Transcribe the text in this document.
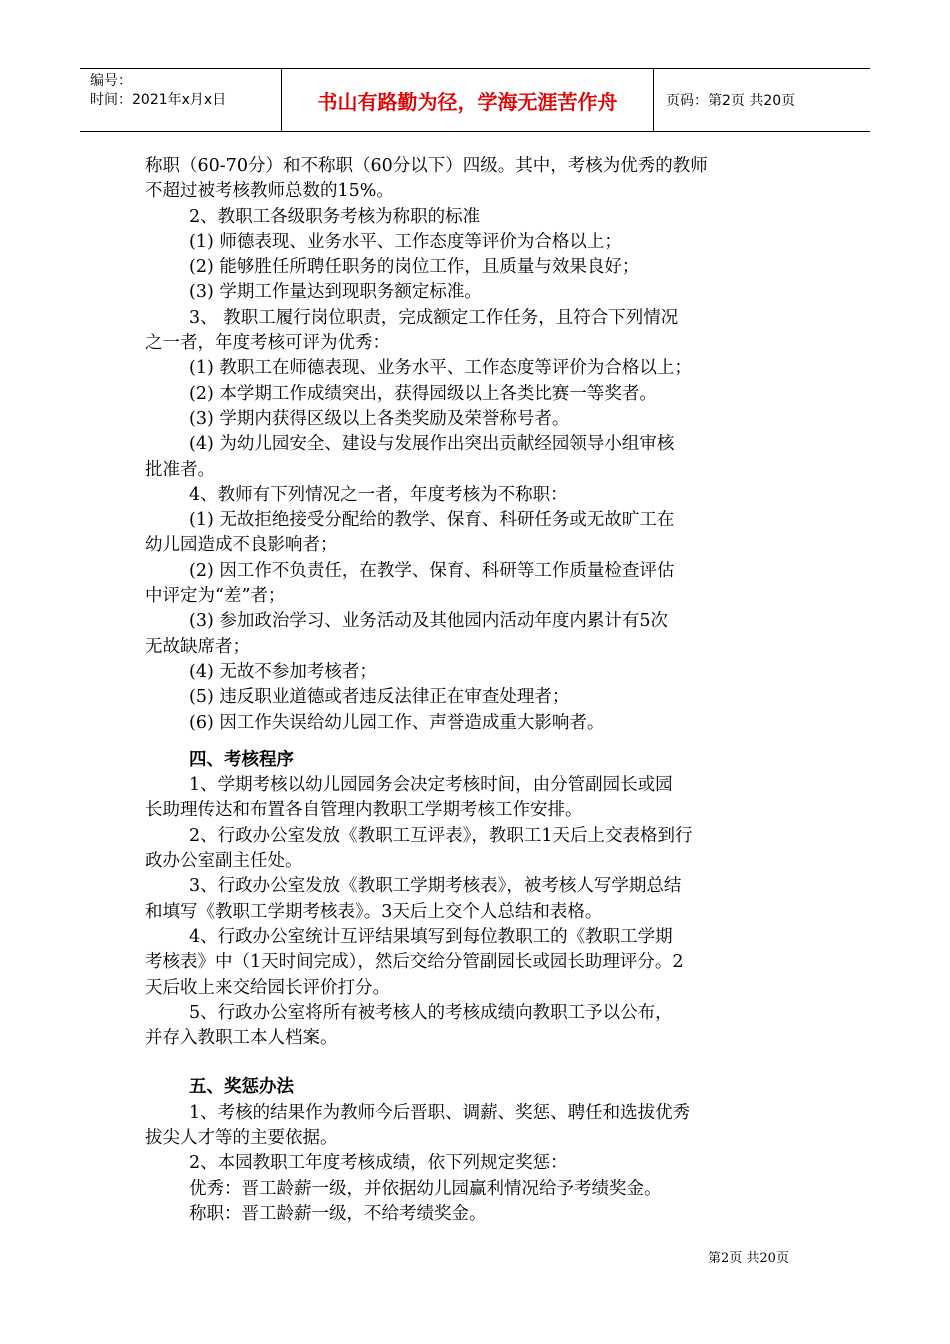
编号：
时间：2021年x月x日	书山有路勤为径，学海无涯苦作舟	页码：第2页 共20页
称职（60-70分）和不称职（60分以下）四级。其中，考核为优秀的教师
不超过被考核教师总数的15%。
2、教职工各级职务考核为称职的标准
(1) 师德表现、业务水平、工作态度等评价为合格以上；
(2) 能够胜任所聘任职务的岗位工作，且质量与效果良好；
(3) 学期工作量达到现职务额定标准。
3、 教职工履行岗位职责，完成额定工作任务，且符合下列情况
之一者，年度考核可评为优秀：
(1) 教职工在师德表现、业务水平、工作态度等评价为合格以上；
(2) 本学期工作成绩突出，获得园级以上各类比赛一等奖者。
(3) 学期内获得区级以上各类奖励及荣誉称号者。
(4) 为幼儿园安全、建设与发展作出突出贡献经园领导小组审核
批准者。
4、教师有下列情况之一者，年度考核为不称职：
(1) 无故拒绝接受分配给的教学、保育、科研任务或无故旷工在
幼儿园造成不良影响者；
(2) 因工作不负责任，在教学、保育、科研等工作质量检查评估
中评定为“差”者；
(3) 参加政治学习、业务活动及其他园内活动年度内累计有5次
无故缺席者；
(4) 无故不参加考核者；
(5) 违反职业道德或者违反法律正在审查处理者；
(6) 因工作失误给幼儿园工作、声誉造成重大影响者。
四、考核程序
1、学期考核以幼儿园园务会决定考核时间，由分管副园长或园
长助理传达和布置各自管理内教职工学期考核工作安排。
2、行政办公室发放《教职工互评表》，教职工1天后上交表格到行
政办公室副主任处。
3、行政办公室发放《教职工学期考核表》，被考核人写学期总结
和填写《教职工学期考核表》。3天后上交个人总结和表格。
4、行政办公室统计互评结果填写到每位教职工的《教职工学期
考核表》中（1天时间完成），然后交给分管副园长或园长助理评分。2
天后收上来交给园长评价打分。
5、行政办公室将所有被考核人的考核成绩向教职工予以公布，
并存入教职工本人档案。
五、奖惩办法
1、考核的结果作为教师今后晋职、调薪、奖惩、聘任和选拔优秀
拔尖人才等的主要依据。
2、本园教职工年度考核成绩，依下列规定奖惩：
优秀：晋工龄薪一级，并依据幼儿园赢利情况给予考绩奖金。
称职：晋工龄薪一级，不给考绩奖金。
第2页 共20页
